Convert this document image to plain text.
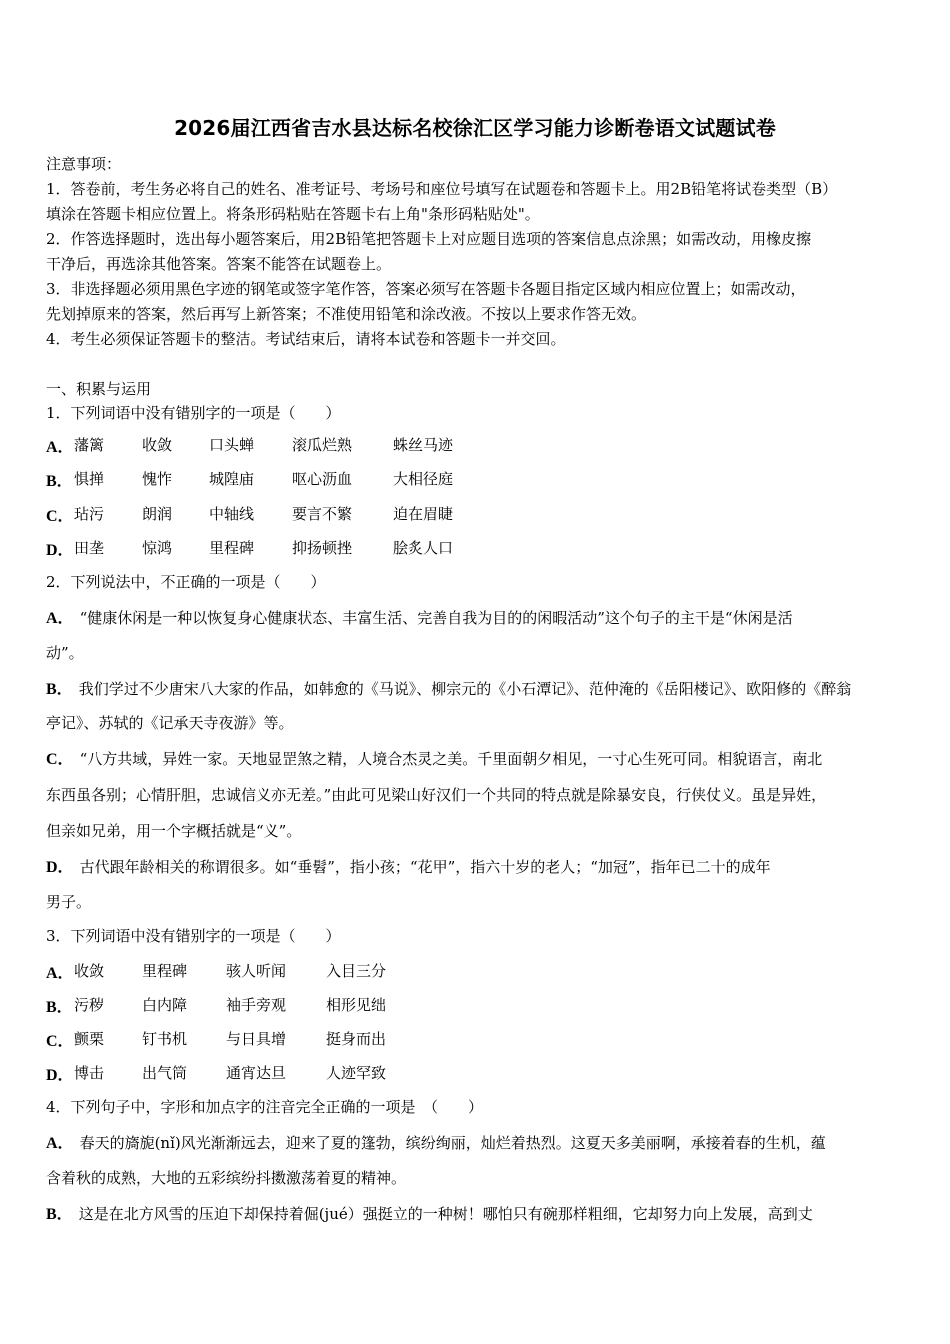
2026届江西省吉水县达标名校徐汇区学习能力诊断卷语文试题试卷
注意事项：
1．答卷前，考生务必将自己的姓名、准考证号、考场号和座位号填写在试题卷和答题卡上。用2B铅笔将试卷类型（B）
填涂在答题卡相应位置上。将条形码粘贴在答题卡右上角"条形码粘贴处"。
2．作答选择题时，选出每小题答案后，用2B铅笔把答题卡上对应题目选项的答案信息点涂黑；如需改动，用橡皮擦
干净后，再选涂其他答案。答案不能答在试题卷上。
3．非选择题必须用黑色字迹的钢笔或签字笔作答，答案必须写在答题卡各题目指定区域内相应位置上；如需改动，
先划掉原来的答案，然后再写上新答案；不准使用铅笔和涂改液。不按以上要求作答无效。
4．考生必须保证答题卡的整洁。考试结束后，请将本试卷和答题卡一并交回。
一、积累与运用
1．下列词语中没有错别字的一项是（　　）
A． 藩篱	收敛 口头蝉	滚瓜烂熟	蛛丝马迹
B． 惧掸	愧怍 城隍庙	呕心沥血	大相径庭
C． 玷污	朗润 中轴线	要言不繁	迫在眉睫
D． 田垄	惊鸿 里程碑	抑扬顿挫	脍炙人口
2．下列说法中，不正确的一项是（　　）
A． “健康休闲是一种以恢复身心健康状态、丰富生活、完善自我为目的的闲暇活动”这个句子的主干是“休闲是活
动”。
B． 我们学过不少唐宋八大家的作品，如韩愈的《马说》、柳宗元的《小石潭记》、范仲淹的《岳阳楼记》、欧阳修的《醉翁
亭记》、苏轼的《记承天寺夜游》等。
C． “八方共域，异姓一家。天地显罡煞之精，人境合杰灵之美。千里面朝夕相见，一寸心生死可同。相貌语言，南北
东西虽各别；心情肝胆，忠诚信义亦无差。”由此可见梁山好汉们一个共同的特点就是除暴安良，行侠仗义。虽是异姓，
但亲如兄弟，用一个字概括就是“义”。
D． 古代跟年龄相关的称谓很多。如“垂髫”，指小孩；“花甲”，指六十岁的老人；“加冠”，指年已二十的成年
男子。
3．下列词语中没有错别字的一项是（　　）
A． 收敛	里程碑	骇人听闻	入目三分
B． 污秽	白内障	袖手旁观	相形见绌
C． 颤栗	钉书机	与日具增	挺身而出
D． 博击	出气筒	通宵达旦	人迹罕致
4．下列句子中，字形和加点字的注音完全正确的一项是　（　　）
A． 春天的旖旎(nǐ)风光渐渐远去，迎来了夏的篷勃，缤纷绚丽，灿烂着热烈。这夏天多美丽啊，承接着春的生机，蕴
含着秋的成熟，大地的五彩缤纷抖擞激荡着夏的精神。
B． 这是在北方风雪的压迫下却保持着倔(jué）强挺立的一种树！哪怕只有碗那样粗细，它却努力向上发展，高到丈
